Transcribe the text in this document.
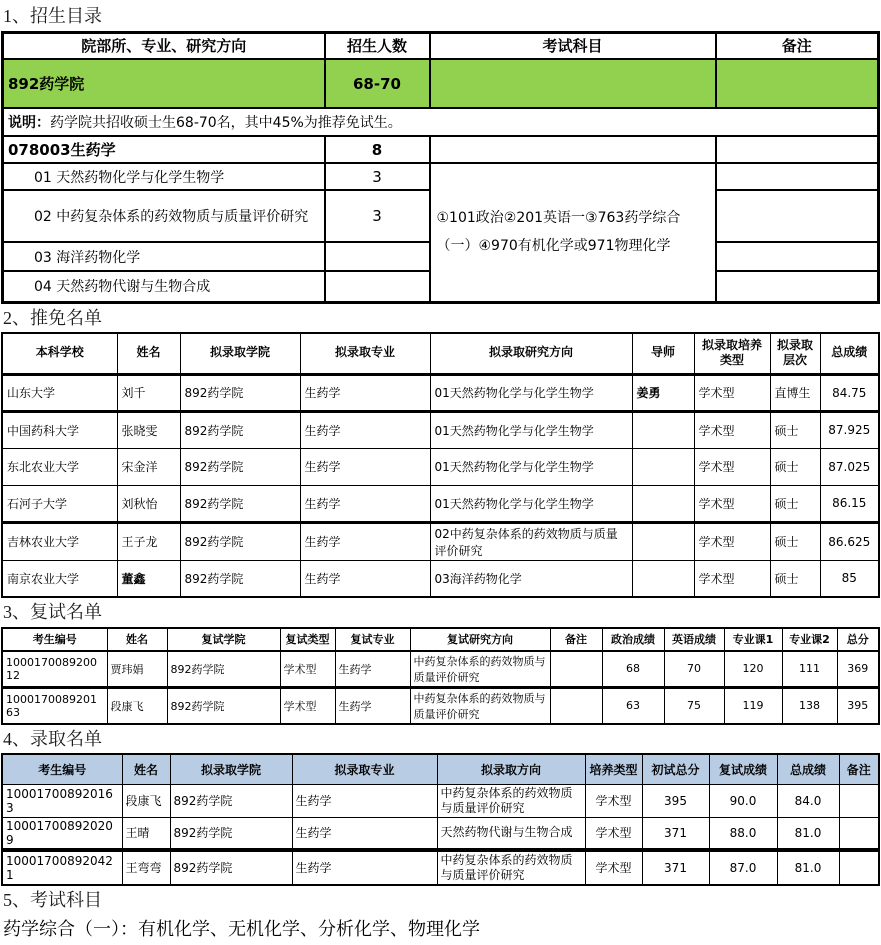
1、招生目录
院部所、专业、研究方向	招生人数	考试科目	备注
892药学院	68-70		
说明：药学院共招收硕士生68-70名，其中45%为推荐免试生。			
078003生药学	8		
01 天然药物化学与化学生物学	3	①101政治②201英语一③763药学综合（一）④970有机化学或971物理化学	
02 中药复杂体系的药效物质与质量评价研究	3		
03 海洋药物化学			
04 天然药物代谢与生物合成			
2、推免名单
本科学校	姓名	拟录取学院	拟录取专业	拟录取研究方向	导师	拟录取培养类型	拟录取层次	总成绩
山东大学	刘千	892药学院	生药学	01天然药物化学与化学生物学	姜勇	学术型	直博生	84.75
中国药科大学	张晓雯	892药学院	生药学	01天然药物化学与化学生物学		学术型	硕士	87.925
东北农业大学	宋金洋	892药学院	生药学	01天然药物化学与化学生物学		学术型	硕士	87.025
石河子大学	刘秋怡	892药学院	生药学	01天然药物化学与化学生物学		学术型	硕士	86.15
吉林农业大学	王子龙	892药学院	生药学	02中药复杂体系的药效物质与质量评价研究		学术型	硕士	86.625
南京农业大学	董鑫	892药学院	生药学	03海洋药物化学		学术型	硕士	85
3、复试名单
考生编号	姓名	复试学院	复试类型	复试专业	复试研究方向	备注	政治成绩	英语成绩	专业课1	专业课2	总分
100017008920012	贾玮娟	892药学院	学术型	生药学	中药复杂体系的药效物质与质量评价研究		68	70	120	111	369
100017008920163	段康飞	892药学院	学术型	生药学	中药复杂体系的药效物质与质量评价研究		63	75	119	138	395
4、录取名单
考生编号	姓名	拟录取学院	拟录取专业	拟录取方向	培养类型	初试总分	复试成绩	总成绩	备注
100017008920163	段康飞	892药学院	生药学	中药复杂体系的药效物质与质量评价研究	学术型	395	90.0	84.0	
100017008920209	王晴	892药学院	生药学	天然药物代谢与生物合成	学术型	371	88.0	81.0	
100017008920421	王弯弯	892药学院	生药学	中药复杂体系的药效物质与质量评价研究	学术型	371	87.0	81.0	
5、考试科目
药学综合（一）：有机化学、无机化学、分析化学、物理化学
